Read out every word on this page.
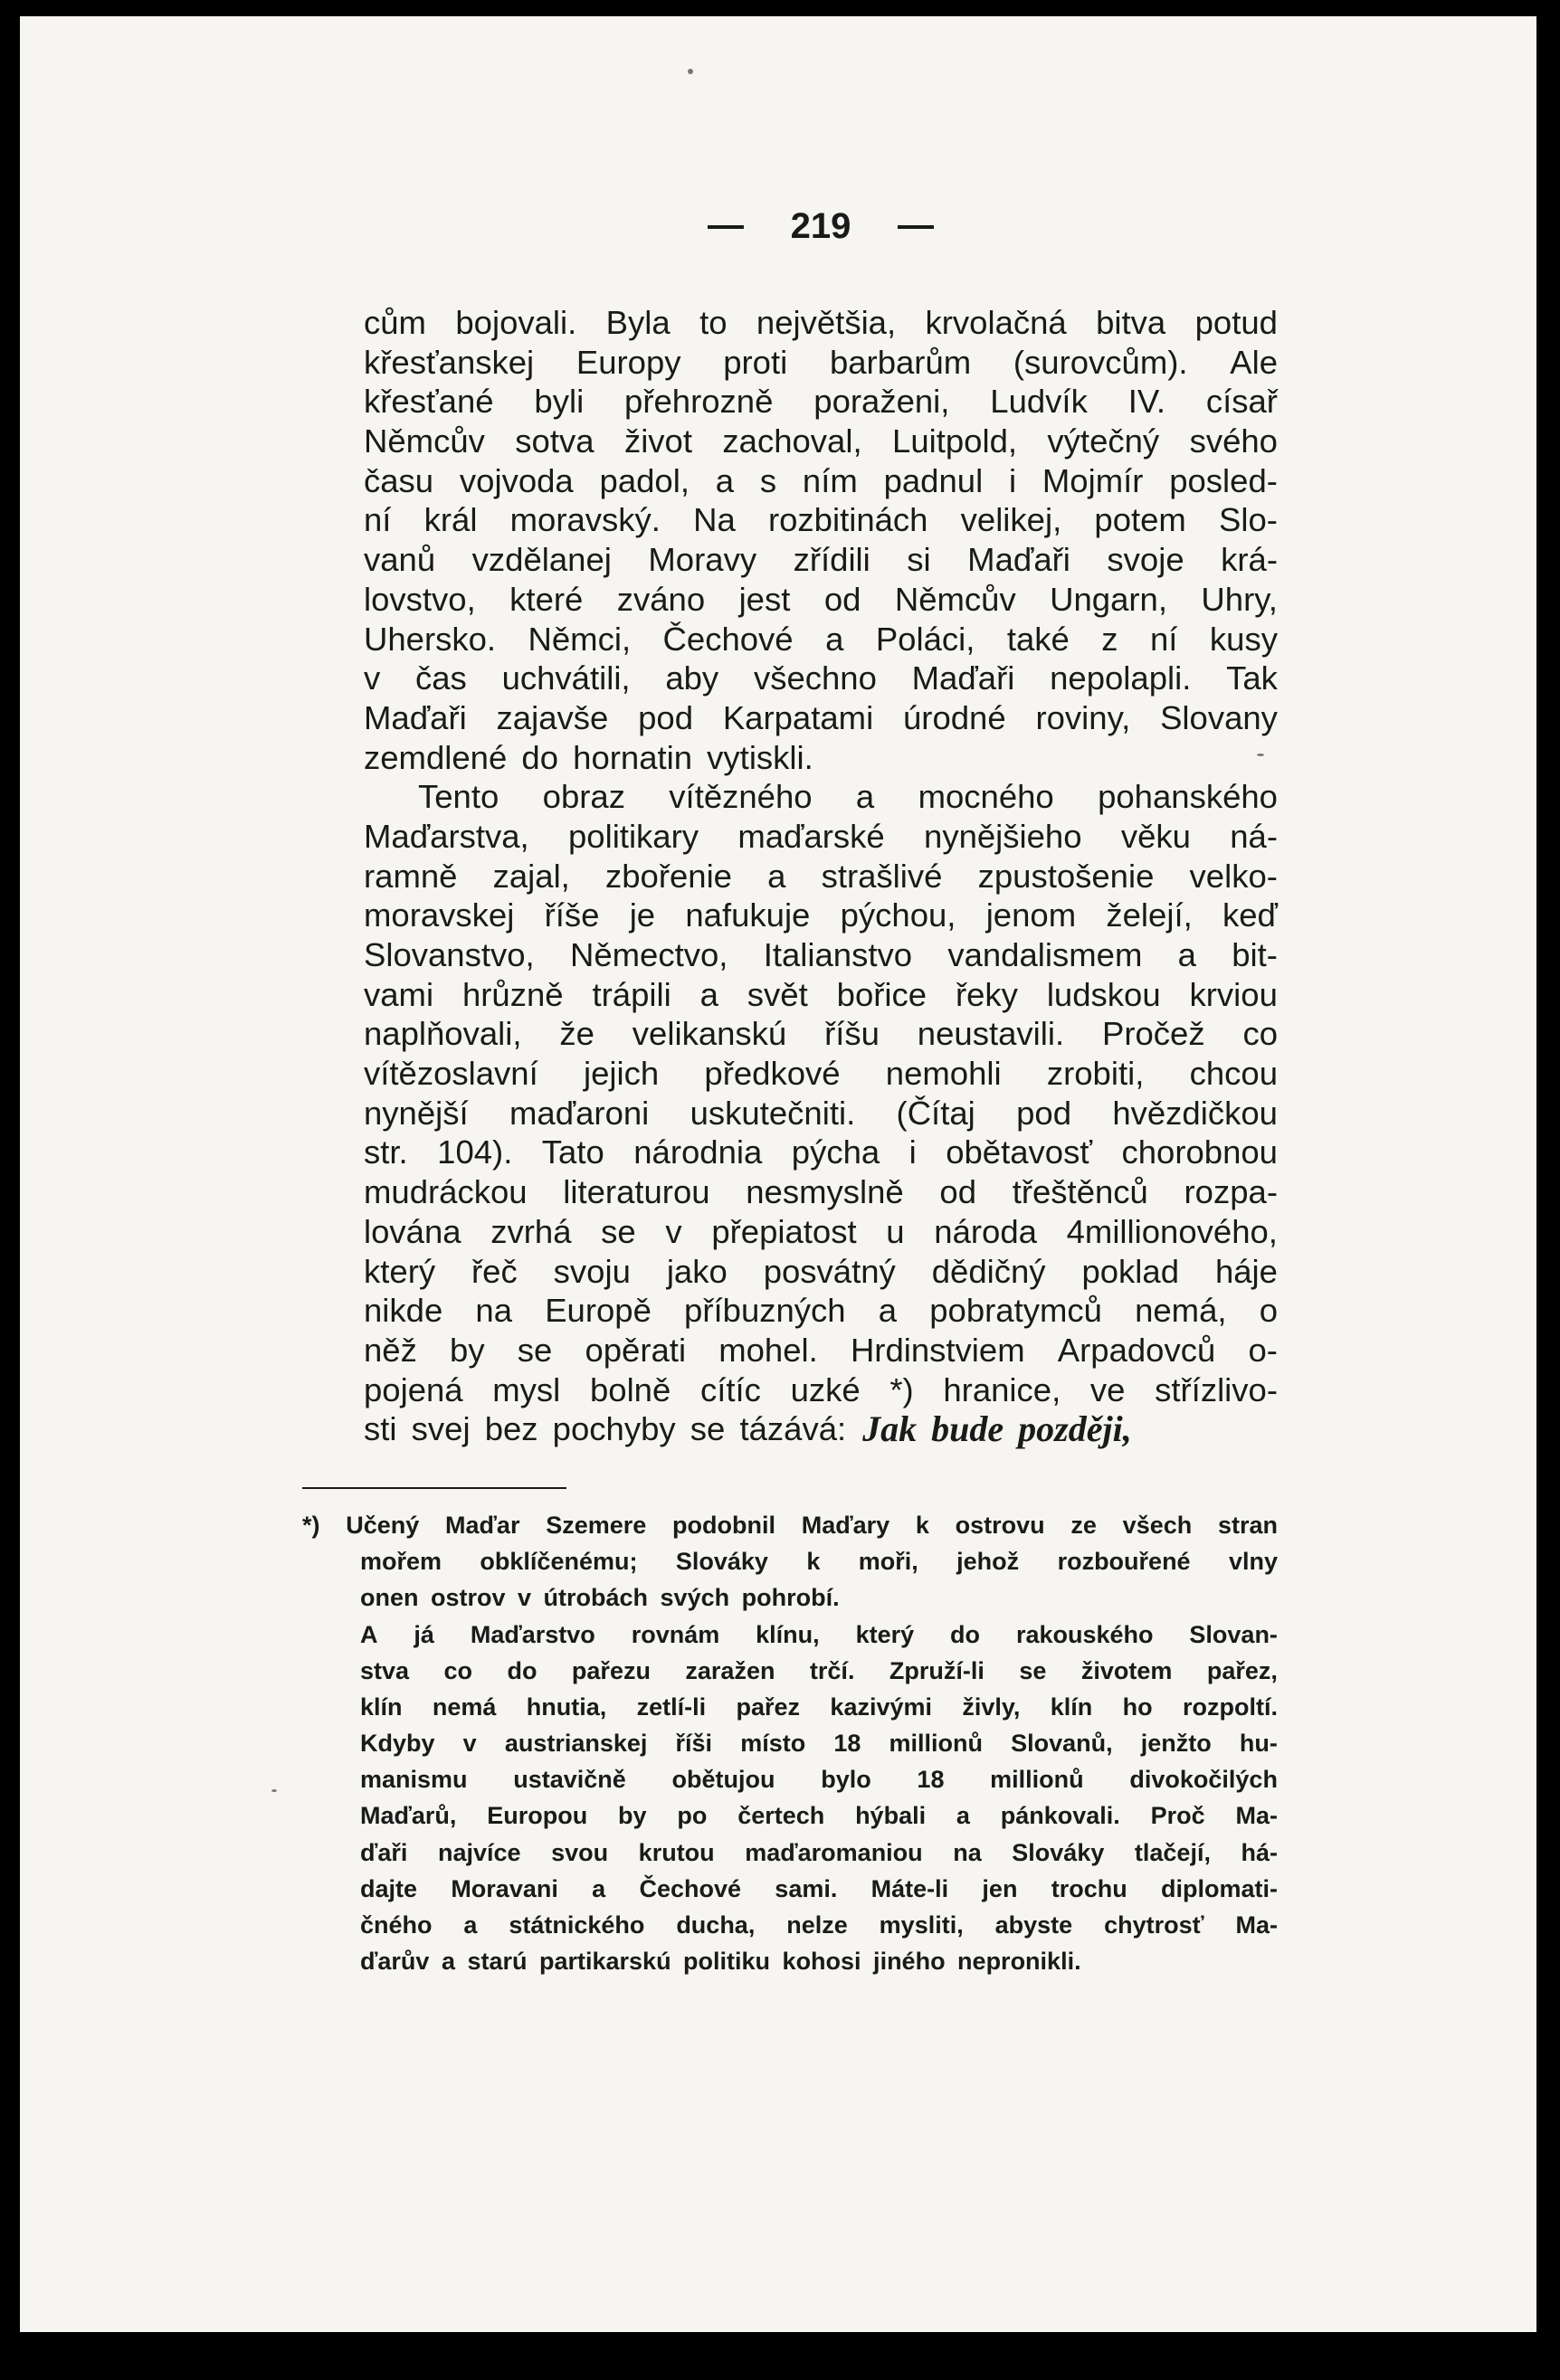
219
cům bojovali. Byla to největšia, krvolačná bitva potud
křesťanskej Europy proti barbarům (surovcům). Ale
křesťané byli přehrozně poraženi, Ludvík IV. císař
Němcův sotva život zachoval, Luitpold, výtečný svého
času vojvoda padol, a s ním padnul i Mojmír posled-
ní král moravský. Na rozbitinách velikej, potem Slo-
vanů vzdělanej Moravy zřídili si Maďaři svoje krá-
lovstvo, které zváno jest od Němcův Ungarn, Uhry,
Uhersko. Němci, Čechové a Poláci, také z ní kusy
v čas uchvátili, aby všechno Maďaři nepolapli. Tak
Maďaři zajavše pod Karpatami úrodné roviny, Slovany
zemdlené do hornatin vytiskli.
Tento obraz vítězného a mocného pohanského
Maďarstva, politikary maďarské nynějšieho věku ná-
ramně zajal, zbořenie a strašlivé zpustošenie velko-
moravskej říše je nafukuje pýchou, jenom želejí, keď
Slovanstvo, Němectvo, Italianstvo vandalismem a bit-
vami hrůzně trápili a svět bořice řeky ludskou krviou
naplňovali, že velikanskú říšu neustavili. Pročež co
vítězoslavní jejich předkové nemohli zrobiti, chcou
nynější maďaroni uskutečniti. (Čítaj pod hvězdičkou
str. 104). Tato národnia pýcha i obětavosť chorobnou
mudráckou literaturou nesmyslně od třeštěnců rozpa-
lována zvrhá se v přepiatost u národa 4millionového,
který řeč svoju jako posvátný dědičný poklad háje
nikde na Europě příbuzných a pobratymců nemá, o
něž by se opěrati mohel. Hrdinstviem Arpadovců o-
pojená mysl bolně cítíc uzké *) hranice, ve střízlivo-
sti svej bez pochyby se tázává: Jak bude později,
*) Učený Maďar Szemere podobnil Maďary k ostrovu ze všech stran
mořem obklíčenému; Slováky k moři, jehož rozbouřené vlny
onen ostrov v útrobách svých pohrobí.
A já Maďarstvo rovnám klínu, který do rakouského Slovan-
stva co do pařezu zaražen trčí. Zpruží-li se životem pařez,
klín nemá hnutia, zetlí-li pařez kazivými živly, klín ho rozpoltí.
Kdyby v austrianskej říši místo 18 millionů Slovanů, jenžto hu-
manismu ustavičně obětujou bylo 18 millionů divokočilých
Maďarů, Europou by po čertech hýbali a pánkovali. Proč Ma-
ďaři najvíce svou krutou maďaromaniou na Slováky tlačejí, há-
dajte Moravani a Čechové sami. Máte-li jen trochu diplomati-
čného a státnického ducha, nelze mysliti, abyste chytrosť Ma-
ďarův a starú partikarskú politiku kohosi jiného nepronikli.
*
